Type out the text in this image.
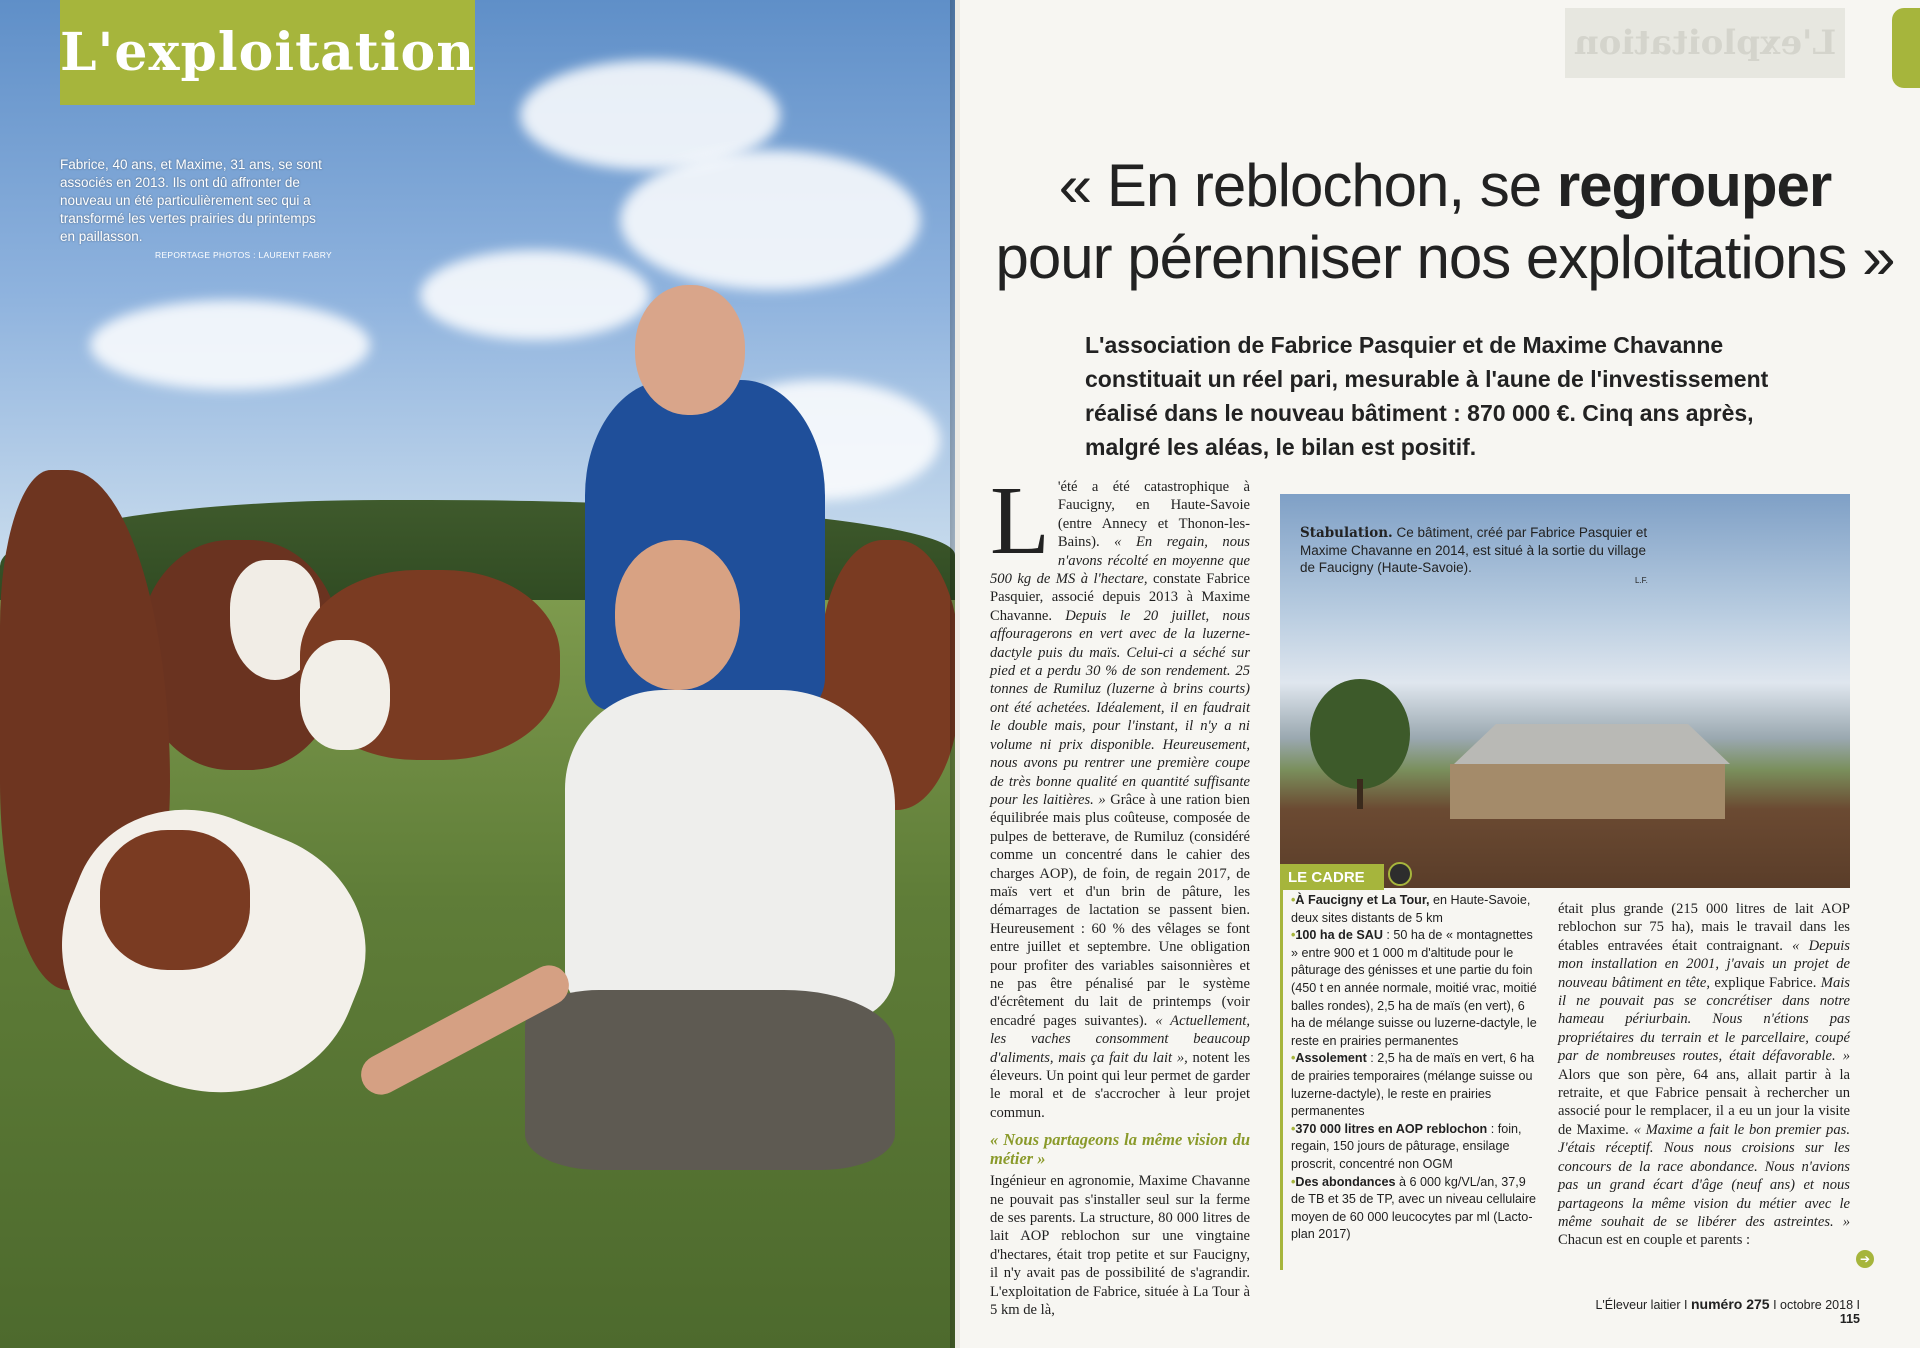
L'exploitation
Fabrice, 40 ans, et Maxime, 31 ans, se sont associés en 2013. Ils ont dû affronter de nouveau un été particulièrement sec qui a transformé les vertes prairies du printemps en paillasson.
REPORTAGE PHOTOS : LAURENT FABRY
L'exploitation
« En reblochon, se regrouper
pour pérenniser nos exploitations »
L'association de Fabrice Pasquier et de Maxime Chavanne constituait un réel pari, mesurable à l'aune de l'investissement réalisé dans le nouveau bâtiment : 870 000 €. Cinq ans après, malgré les aléas, le bilan est positif.

L 'été a été catastrophique à Faucigny, en Haute-Savoie (entre Annecy et Thonon-les-Bains). « En regain, nous n'avons récolté en moyenne que 500 kg de MS à l'hectare, constate Fabrice Pasquier, associé depuis 2013 à Maxime Chavanne. Depuis le 20 juillet, nous affouragerons en vert avec de la luzerne-dactyle puis du maïs. Celui-ci a séché sur pied et a perdu 30 % de son rendement. 25 tonnes de Rumiluz (luzerne à brins courts) ont été achetées. Idéalement, il en faudrait le double mais, pour l'instant, il n'y a ni volume ni prix disponible. Heureusement, nous avons pu rentrer une première coupe de très bonne qualité en quantité suffisante pour les laitières. » Grâce à une ration bien équilibrée mais plus coûteuse, composée de pulpes de betterave, de Rumiluz (considéré comme un concentré dans le cahier des charges AOP), de foin, de regain 2017, de maïs vert et d'un brin de pâture, les démarrages de lactation se passent bien. Heureusement : 60 % des vêlages se font entre juillet et septembre. Une obligation pour profiter des variables saisonnières et ne pas être pénalisé par le système d'écrêtement du lait de printemps (voir encadré pages suivantes). « Actuellement, les vaches consomment beaucoup d'aliments, mais ça fait du lait », notent les éleveurs. Un point qui leur permet de garder le moral et de s'accrocher à leur projet commun.

« Nous partageons la même vision du métier »

Ingénieur en agronomie, Maxime Chavanne ne pouvait pas s'installer seul sur la ferme de ses parents. La structure, 80 000 litres de lait AOP reblochon sur une vingtaine d'hectares, était trop petite et sur Faucigny, il n'y avait pas de possibilité de s'agrandir. L'exploitation de Fabrice, située à La Tour à 5 km de là,

Stabulation. Ce bâtiment, créé par Fabrice Pasquier et Maxime Chavanne en 2014, est situé à la sortie du village de Faucigny (Haute-Savoie).
L.F.
LE CADRE
•À Faucigny et La Tour, en Haute-Savoie, deux sites distants de 5 km
•100 ha de SAU : 50 ha de « montagnettes » entre 900 et 1 000 m d'altitude pour le pâturage des génisses et une partie du foin (450 t en année normale, moitié vrac, moitié balles rondes), 2,5 ha de maïs (en vert), 6 ha de mélange suisse ou luzerne-dactyle, le reste en prairies permanentes
•Assolement : 2,5 ha de maïs en vert, 6 ha de prairies temporaires (mélange suisse ou luzerne-dactyle), le reste en prairies permanentes
•370 000 litres en AOP reblochon : foin, regain, 150 jours de pâturage, ensilage proscrit, concentré non OGM
•Des abondances à 6 000 kg/VL/an, 37,9 de TB et 35 de TP, avec un niveau cellulaire moyen de 60 000 leucocytes par ml (Lacto-plan 2017)

était plus grande (215 000 litres de lait AOP reblochon sur 75 ha), mais le travail dans les étables entravées était contraignant. « Depuis mon installation en 2001, j'avais un projet de nouveau bâtiment en tête, explique Fabrice. Mais il ne pouvait pas se concrétiser dans notre hameau périurbain. Nous n'étions pas propriétaires du terrain et le parcellaire, coupé par de nombreuses routes, était défavorable. » Alors que son père, 64 ans, allait partir à la retraite, et que Fabrice pensait à rechercher un associé pour le remplacer, il a eu un jour la visite de Maxime. « Maxime a fait le bon premier pas. J'étais réceptif. Nous nous croisions sur les concours de la race abondance. Nous n'avions pas un grand écart d'âge (neuf ans) et nous partageons la même vision du métier avec le même souhait de se libérer des astreintes. » Chacun est en couple et parents :

➔
L'Éleveur laitier I numéro 275 I octobre 2018 I 115
